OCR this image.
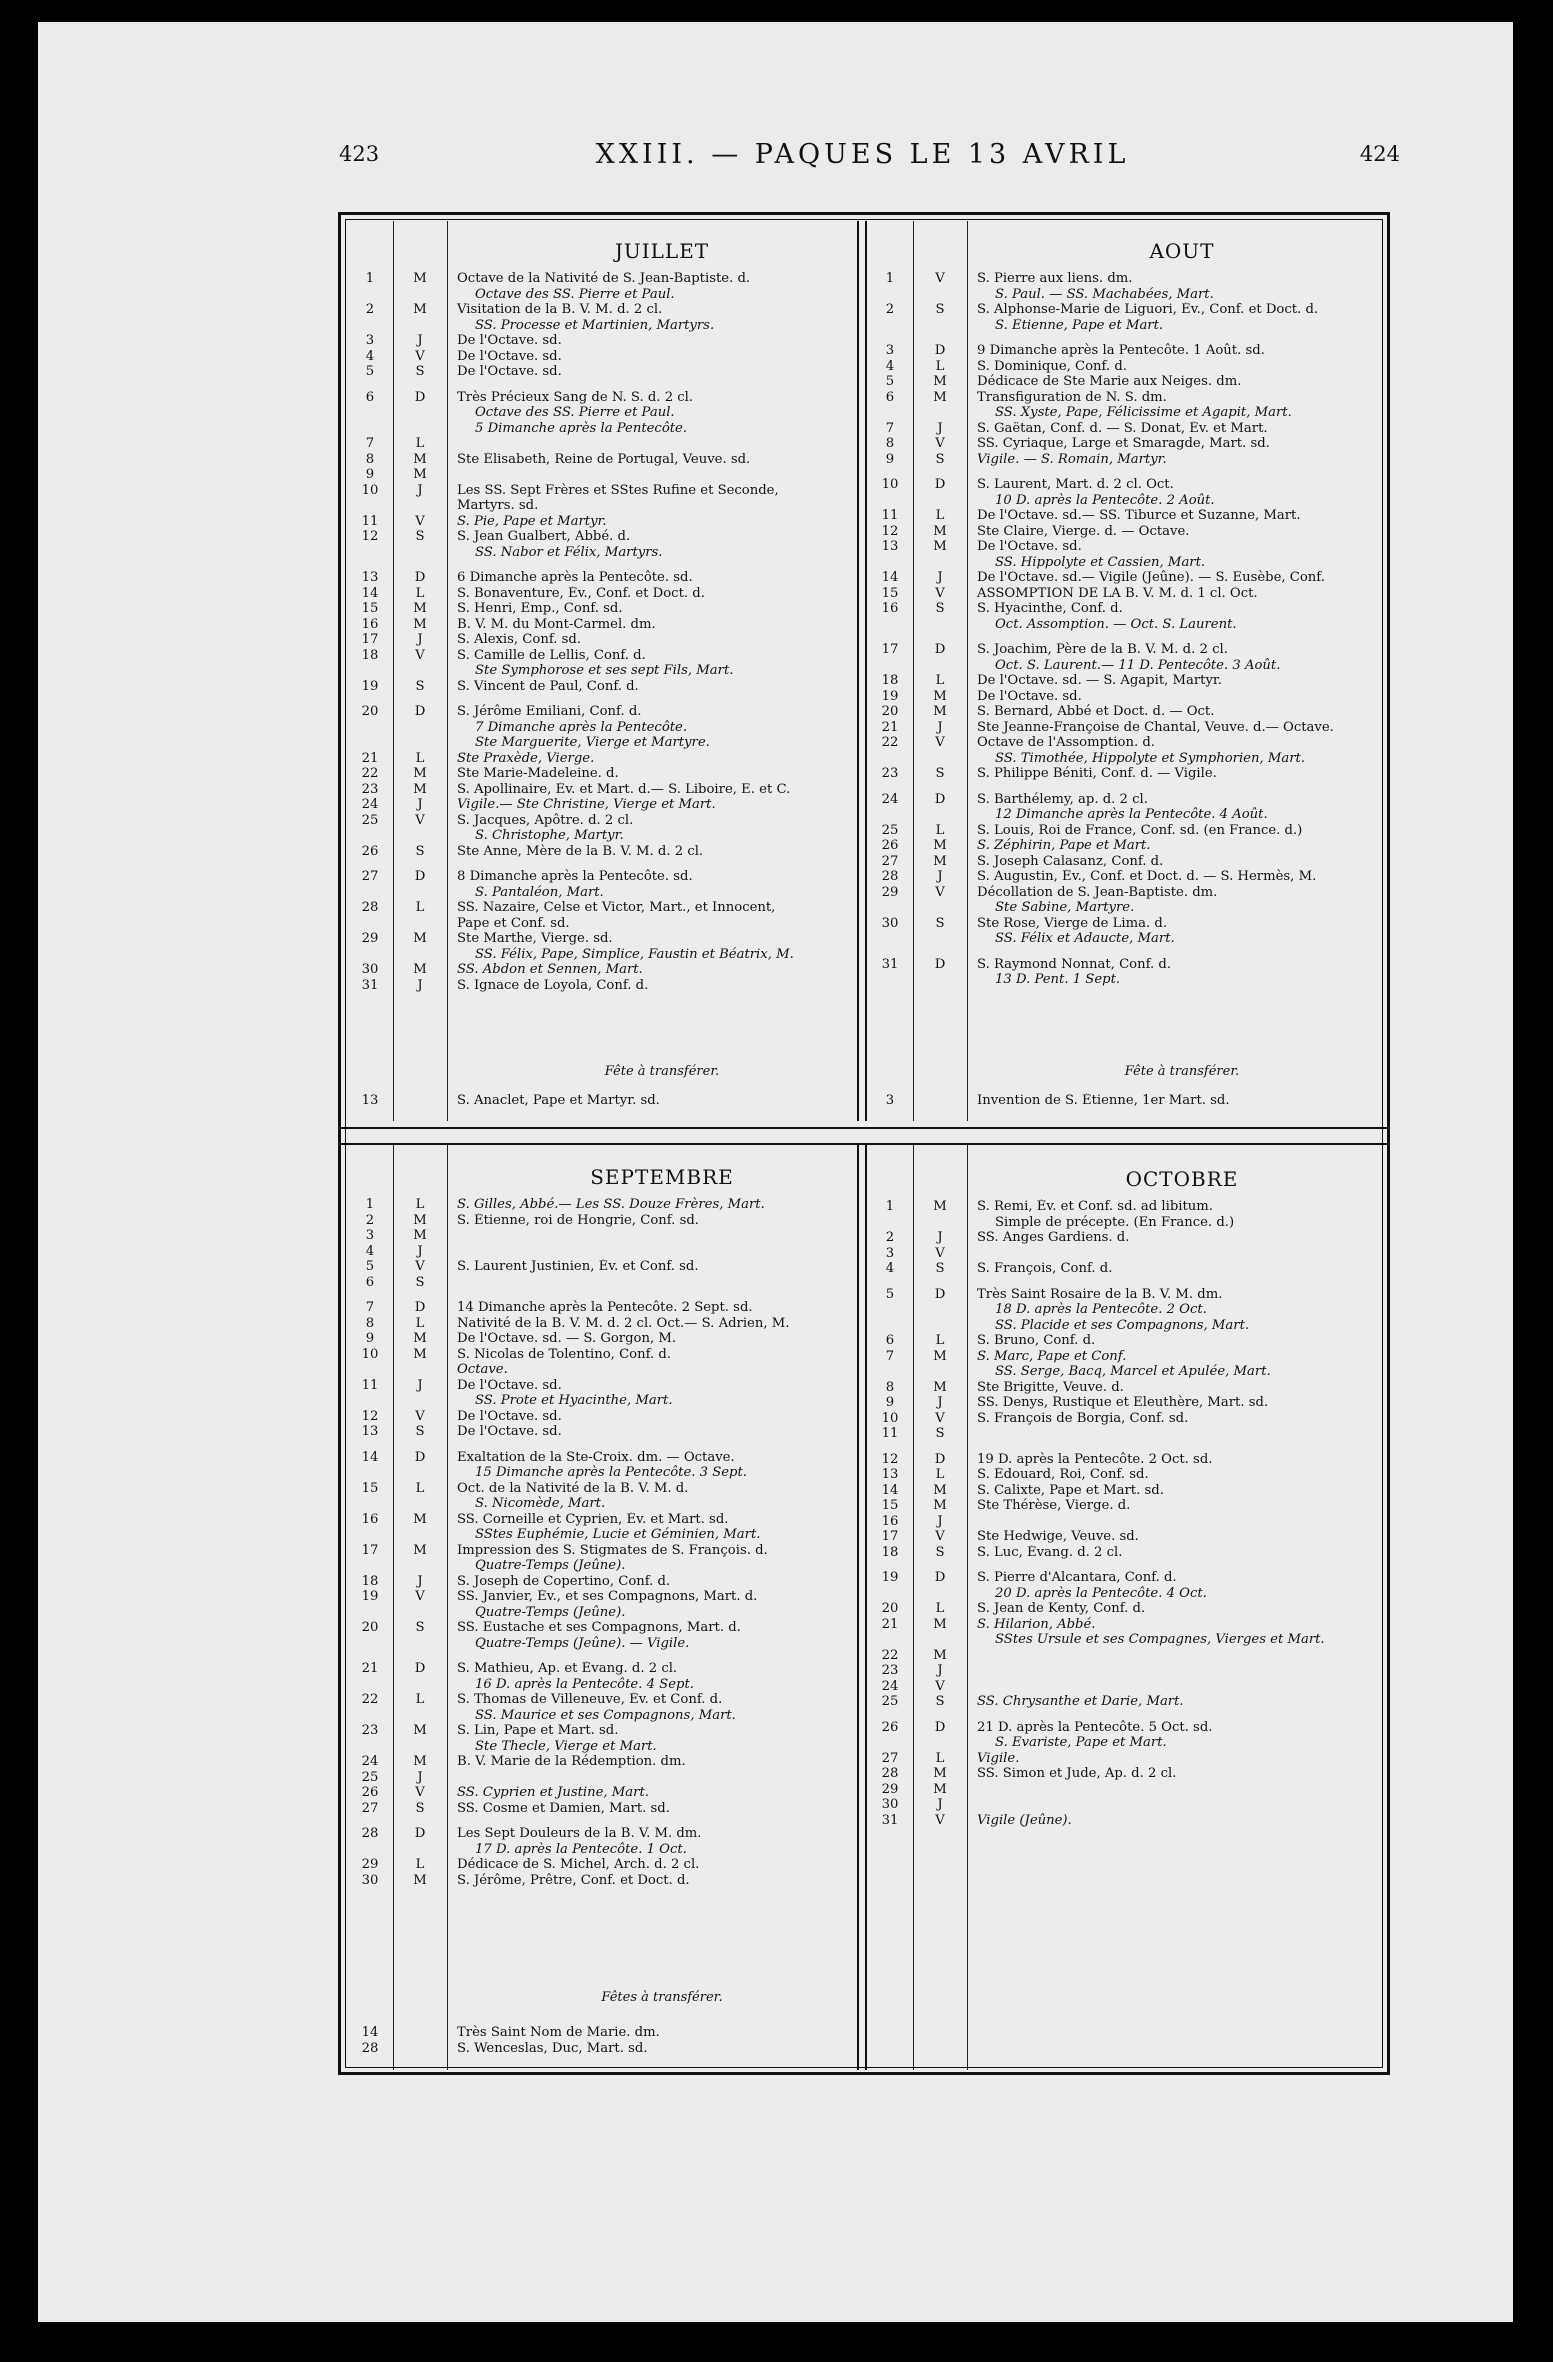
423	XXIII. — PAQUES LE 13 AVRIL	424
JUILLET
1	M	Octave de la Nativité de S. Jean-Baptiste. d.
Octave des SS. Pierre et Paul.
2	M	Visitation de la B. V. M. d. 2 cl.
SS. Processe et Martinien, Martyrs.
3	J	De l'Octave. sd.
4	V	De l'Octave. sd.
5	S	De l'Octave. sd.
6	D	Très Précieux Sang de N. S. d. 2 cl.
Octave des SS. Pierre et Paul.
5 Dimanche après la Pentecôte.
7	L
8	M	Ste Élisabeth, Reine de Portugal, Veuve. sd.
9	M
10	J	Les SS. Sept Frères et SStes Rufine et Seconde,
Martyrs. sd.
11	V	S. Pie, Pape et Martyr.
12	S	S. Jean Gualbert, Abbé. d.
SS. Nabor et Félix, Martyrs.
13	D	6 Dimanche après la Pentecôte. sd.
14	L	S. Bonaventure, Év., Conf. et Doct. d.
15	M	S. Henri, Emp., Conf. sd.
16	M	B. V. M. du Mont-Carmel. dm.
17	J	S. Alexis, Conf. sd.
18	V	S. Camille de Lellis, Conf. d.
Ste Symphorose et ses sept Fils, Mart.
19	S	S. Vincent de Paul, Conf. d.
20	D	S. Jérôme Emiliani, Conf. d.
7 Dimanche après la Pentecôte.
Ste Marguerite, Vierge et Martyre.
21	L	Ste Praxède, Vierge.
22	M	Ste Marie-Madeleine. d.
23	M	S. Apollinaire, Év. et Mart. d.— S. Liboire, E. et C.
24	J	Vigile.— Ste Christine, Vierge et Mart.
25	V	S. Jacques, Apôtre. d. 2 cl.
S. Christophe, Martyr.
26	S	Ste Anne, Mère de la B. V. M. d. 2 cl.
27	D	8 Dimanche après la Pentecôte. sd.
S. Pantaléon, Mart.
28	L	SS. Nazaire, Celse et Victor, Mart., et Innocent,
Pape et Conf. sd.
29	M	Ste Marthe, Vierge. sd.
SS. Félix, Pape, Simplice, Faustin et Béatrix, M.
30	M	SS. Abdon et Sennen, Mart.
31	J	S. Ignace de Loyola, Conf. d.
Fête à transférer.
13	S. Anaclet, Pape et Martyr. sd.
AOUT
1	V	S. Pierre aux liens. dm.
S. Paul. — SS. Machabées, Mart.
2	S	S. Alphonse-Marie de Liguori, Év., Conf. et Doct. d.
S. Étienne, Pape et Mart.
3	D	9 Dimanche après la Pentecôte. 1 Août. sd.
4	L	S. Dominique, Conf. d.
5	M	Dédicace de Ste Marie aux Neiges. dm.
6	M	Transfiguration de N. S. dm.
SS. Xyste, Pape, Félicissime et Agapit, Mart.
7	J	S. Gaëtan, Conf. d. — S. Donat, Év. et Mart.
8	V	SS. Cyriaque, Large et Smaragde, Mart. sd.
9	S	Vigile. — S. Romain, Martyr.
10	D	S. Laurent, Mart. d. 2 cl. Oct.
10 D. après la Pentecôte. 2 Août.
11	L	De l'Octave. sd.— SS. Tiburce et Suzanne, Mart.
12	M	Ste Claire, Vierge. d. — Octave.
13	M	De l'Octave. sd.
SS. Hippolyte et Cassien, Mart.
14	J	De l'Octave. sd.— Vigile (Jeûne). — S. Eusèbe, Conf.
15	V	ASSOMPTION DE LA B. V. M. d. 1 cl. Oct.
16	S	S. Hyacinthe, Conf. d.
Oct. Assomption. — Oct. S. Laurent.
17	D	S. Joachim, Père de la B. V. M. d. 2 cl.
Oct. S. Laurent.— 11 D. Pentecôte. 3 Août.
18	L	De l'Octave. sd. — S. Agapit, Martyr.
19	M	De l'Octave. sd.
20	M	S. Bernard, Abbé et Doct. d. — Oct.
21	J	Ste Jeanne-Françoise de Chantal, Veuve. d.— Octave.
22	V	Octave de l'Assomption. d.
SS. Timothée, Hippolyte et Symphorien, Mart.
23	S	S. Philippe Béniti, Conf. d. — Vigile.
24	D	S. Barthélemy, ap. d. 2 cl.
12 Dimanche après la Pentecôte. 4 Août.
25	L	S. Louis, Roi de France, Conf. sd. (en France. d.)
26	M	S. Zéphirin, Pape et Mart.
27	M	S. Joseph Calasanz, Conf. d.
28	J	S. Augustin, Év., Conf. et Doct. d. — S. Hermès, M.
29	V	Décollation de S. Jean-Baptiste. dm.
Ste Sabine, Martyre.
30	S	Ste Rose, Vierge de Lima. d.
SS. Félix et Adaucte, Mart.
31	D	S. Raymond Nonnat, Conf. d.
13 D. Pent. 1 Sept.
Fête à transférer.
3	Invention de S. Étienne, 1er Mart. sd.
SEPTEMBRE
1	L	S. Gilles, Abbé.— Les SS. Douze Frères, Mart.
2	M	S. Étienne, roi de Hongrie, Conf. sd.
3	M
4	J
5	V	S. Laurent Justinien, Év. et Conf. sd.
6	S
7	D	14 Dimanche après la Pentecôte. 2 Sept. sd.
8	L	Nativité de la B. V. M. d. 2 cl. Oct.— S. Adrien, M.
9	M	De l'Octave. sd. — S. Gorgon, M.
10	M	S. Nicolas de Tolentino, Conf. d.
Octave.
11	J	De l'Octave. sd.
SS. Prote et Hyacinthe, Mart.
12	V	De l'Octave. sd.
13	S	De l'Octave. sd.
14	D	Exaltation de la Ste-Croix. dm. — Octave.
15 Dimanche après la Pentecôte. 3 Sept.
15	L	Oct. de la Nativité de la B. V. M. d.
S. Nicomède, Mart.
16	M	SS. Corneille et Cyprien, Év. et Mart. sd.
SStes Euphémie, Lucie et Géminien, Mart.
17	M	Impression des S. Stigmates de S. François. d.
Quatre-Temps (Jeûne).
18	J	S. Joseph de Copertino, Conf. d.
19	V	SS. Janvier, Év., et ses Compagnons, Mart. d.
Quatre-Temps (Jeûne).
20	S	SS. Eustache et ses Compagnons, Mart. d.
Quatre-Temps (Jeûne). — Vigile.
21	D	S. Mathieu, Ap. et Évang. d. 2 cl.
16 D. après la Pentecôte. 4 Sept.
22	L	S. Thomas de Villeneuve, Év. et Conf. d.
SS. Maurice et ses Compagnons, Mart.
23	M	S. Lin, Pape et Mart. sd.
Ste Thecle, Vierge et Mart.
24	M	B. V. Marie de la Rédemption. dm.
25	J
26	V	SS. Cyprien et Justine, Mart.
27	S	SS. Cosme et Damien, Mart. sd.
28	D	Les Sept Douleurs de la B. V. M. dm.
17 D. après la Pentecôte. 1 Oct.
29	L	Dédicace de S. Michel, Arch. d. 2 cl.
30	M	S. Jérôme, Prêtre, Conf. et Doct. d.
Fêtes à transférer.
14	Très Saint Nom de Marie. dm.
28	S. Wenceslas, Duc, Mart. sd.
OCTOBRE
1	M	S. Remi, Év. et Conf. sd. ad libitum.
Simple de précepte. (En France. d.)
2	J	SS. Anges Gardiens. d.
3	V
4	S	S. François, Conf. d.
5	D	Très Saint Rosaire de la B. V. M. dm.
18 D. après la Pentecôte. 2 Oct.
SS. Placide et ses Compagnons, Mart.
6	L	S. Bruno, Conf. d.
7	M	S. Marc, Pape et Conf.
SS. Serge, Bacq, Marcel et Apulée, Mart.
8	M	Ste Brigitte, Veuve. d.
9	J	SS. Denys, Rustique et Eleuthère, Mart. sd.
10	V	S. François de Borgia, Conf. sd.
11	S
12	D	19 D. après la Pentecôte. 2 Oct. sd.
13	L	S. Édouard, Roi, Conf. sd.
14	M	S. Calixte, Pape et Mart. sd.
15	M	Ste Thérèse, Vierge. d.
16	J
17	V	Ste Hedwige, Veuve. sd.
18	S	S. Luc, Évang. d. 2 cl.
19	D	S. Pierre d'Alcantara, Conf. d.
20 D. après la Pentecôte. 4 Oct.
20	L	S. Jean de Kenty, Conf. d.
21	M	S. Hilarion, Abbé.
SStes Ursule et ses Compagnes, Vierges et Mart.
22	M
23	J
24	V
25	S	SS. Chrysanthe et Darie, Mart.
26	D	21 D. après la Pentecôte. 5 Oct. sd.
S. Evariste, Pape et Mart.
27	L	Vigile.
28	M	SS. Simon et Jude, Ap. d. 2 cl.
29	M
30	J
31	V	Vigile (Jeûne).
